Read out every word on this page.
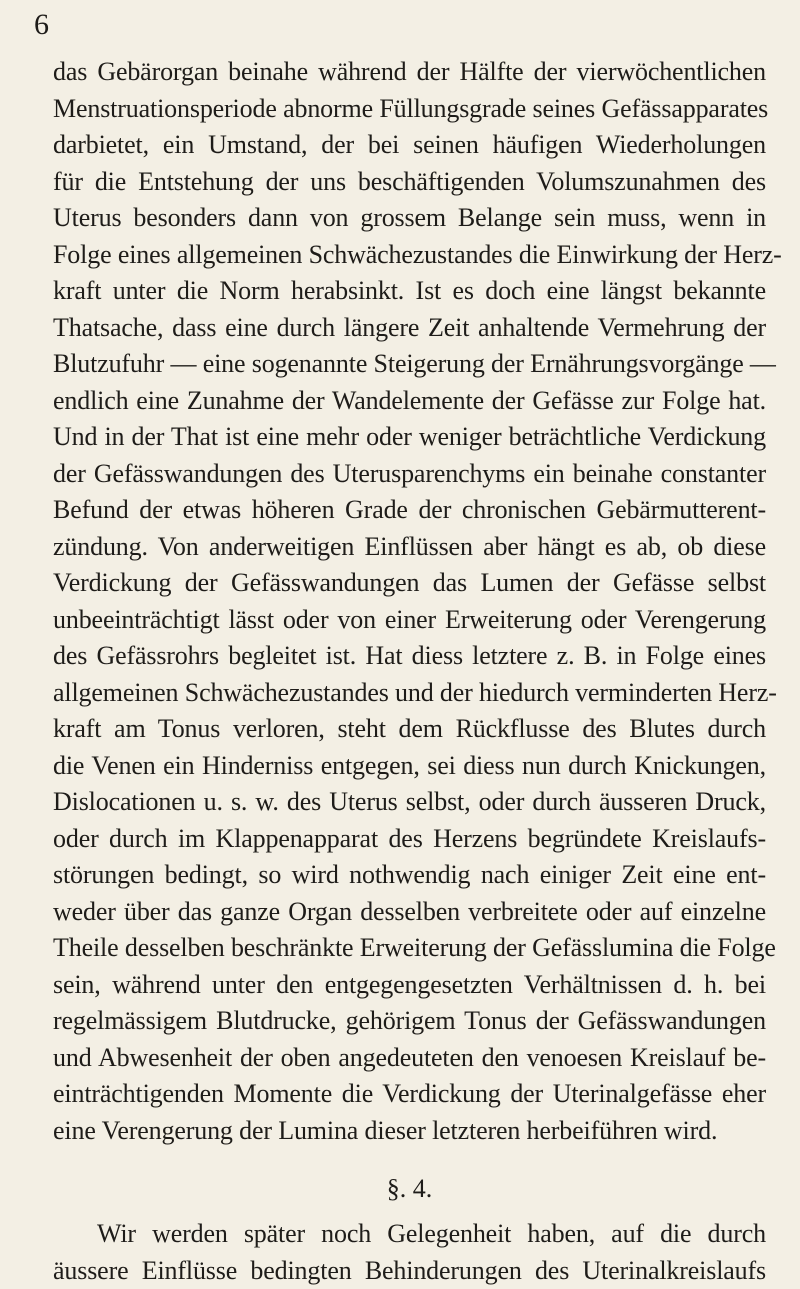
6
das Gebärorgan beinahe während der Hälfte der vierwöchentlichen
Menstruationsperiode abnorme Füllungsgrade seines Gefässapparates
darbietet, ein Umstand, der bei seinen häufigen Wiederholungen
für die Entstehung der uns beschäftigenden Volumszunahmen des
Uterus besonders dann von grossem Belange sein muss, wenn in
Folge eines allgemeinen Schwächezustandes die Einwirkung der Herz-
kraft unter die Norm herabsinkt. Ist es doch eine längst bekannte
Thatsache, dass eine durch längere Zeit anhaltende Vermehrung der
Blutzufuhr — eine sogenannte Steigerung der Ernährungsvorgänge —
endlich eine Zunahme der Wandelemente der Gefässe zur Folge hat.
Und in der That ist eine mehr oder weniger beträchtliche Verdickung
der Gefässwandungen des Uterusparenchyms ein beinahe constanter
Befund der etwas höheren Grade der chronischen Gebärmutterent-
zündung. Von anderweitigen Einflüssen aber hängt es ab, ob diese
Verdickung der Gefässwandungen das Lumen der Gefässe selbst
unbeeinträchtigt lässt oder von einer Erweiterung oder Verengerung
des Gefässrohrs begleitet ist. Hat diess letztere z. B. in Folge eines
allgemeinen Schwächezustandes und der hiedurch verminderten Herz-
kraft am Tonus verloren, steht dem Rückflusse des Blutes durch
die Venen ein Hinderniss entgegen, sei diess nun durch Knickungen,
Dislocationen u. s. w. des Uterus selbst, oder durch äusseren Druck,
oder durch im Klappenapparat des Herzens begründete Kreislaufs-
störungen bedingt, so wird nothwendig nach einiger Zeit eine ent-
weder über das ganze Organ desselben verbreitete oder auf einzelne
Theile desselben beschränkte Erweiterung der Gefässlumina die Folge
sein, während unter den entgegengesetzten Verhältnissen d. h. bei
regelmässigem Blutdrucke, gehörigem Tonus der Gefässwandungen
und Abwesenheit der oben angedeuteten den venoesen Kreislauf be-
einträchtigenden Momente die Verdickung der Uterinalgefässe eher
eine Verengerung der Lumina dieser letzteren herbeiführen wird.
§. 4.
Wir werden später noch Gelegenheit haben, auf die durch
äussere Einflüsse bedingten Behinderungen des Uterinalkreislaufs
